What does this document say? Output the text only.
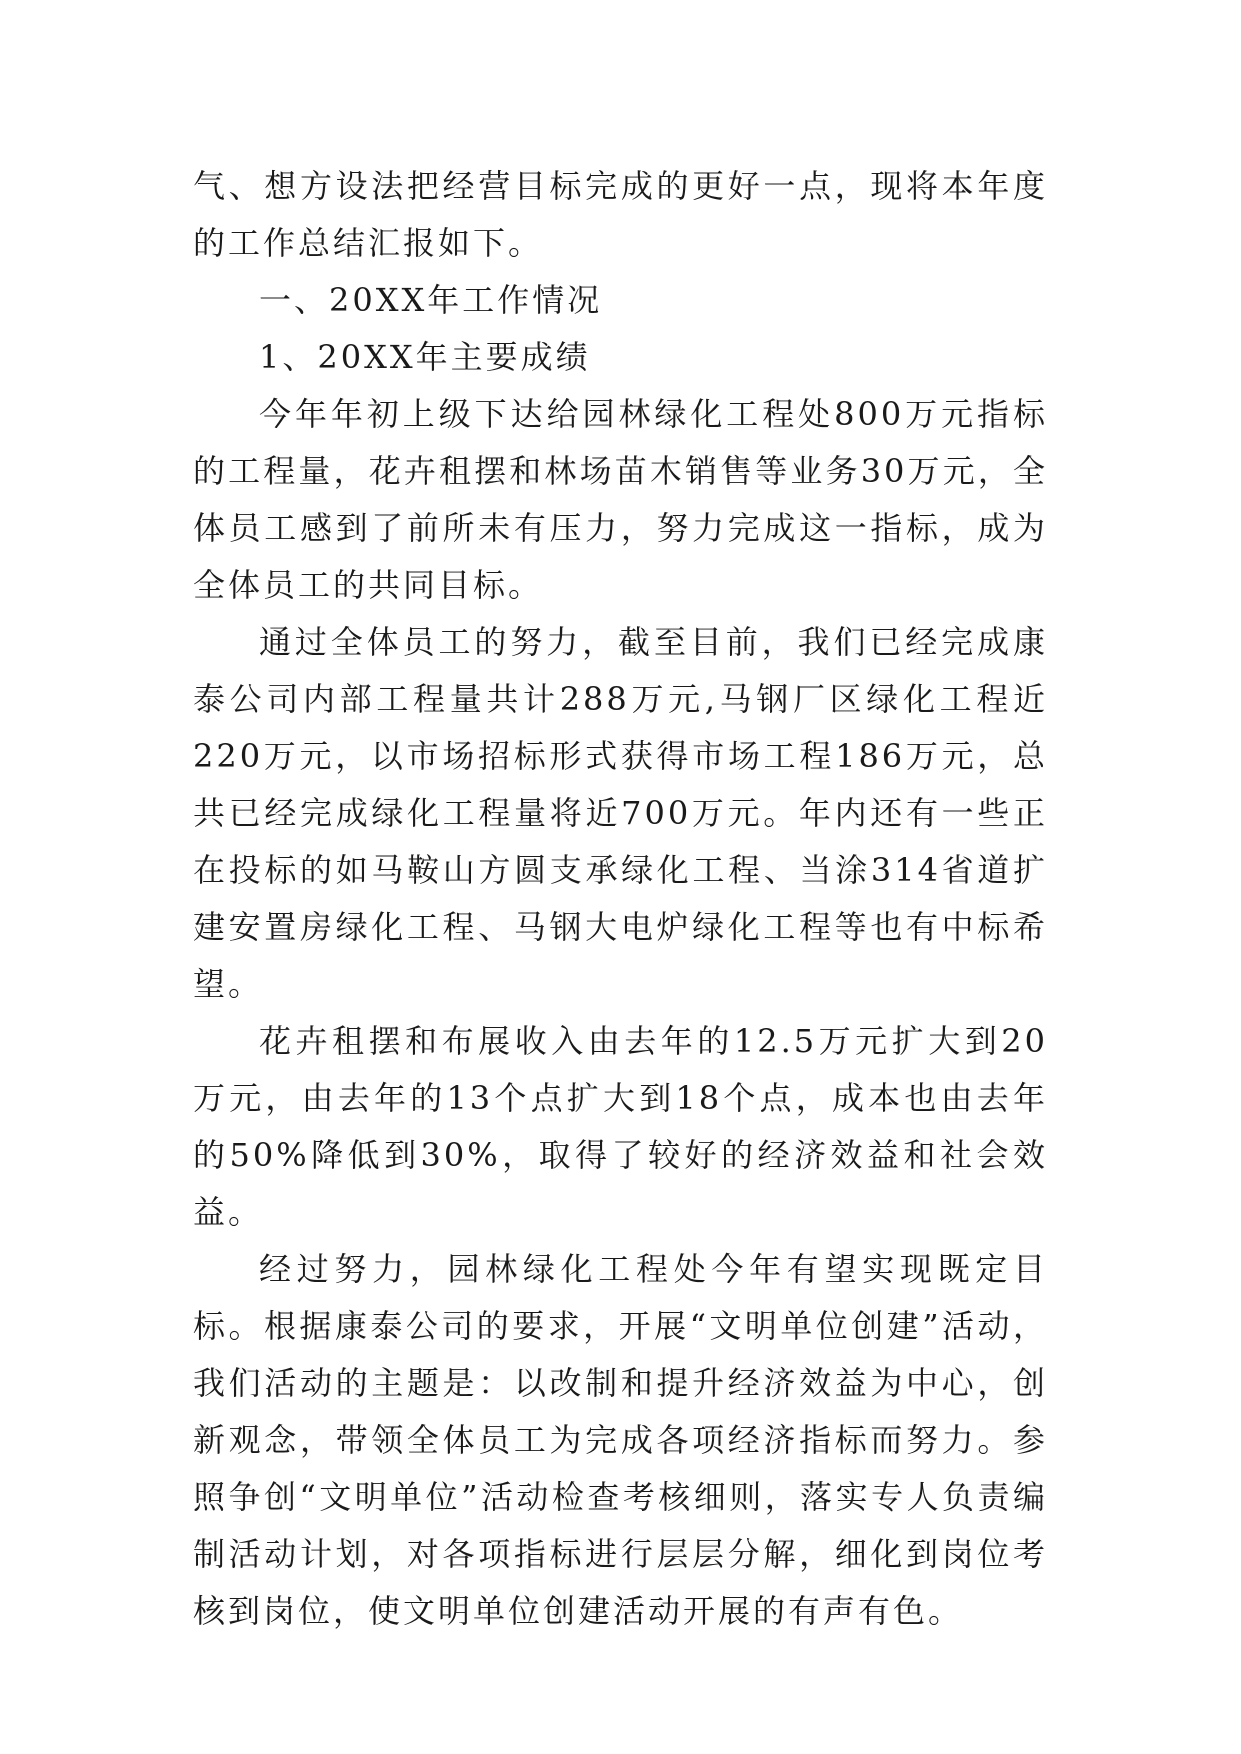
气、想方设法把经营目标完成的更好一点，现将本年度的工作总结汇报如下。

一、20XX年工作情况

1、20XX年主要成绩

今年年初上级下达给园林绿化工程处800万元指标的工程量，花卉租摆和林场苗木销售等业务30万元，全体员工感到了前所未有压力，努力完成这一指标，成为全体员工的共同目标。

通过全体员工的努力，截至目前，我们已经完成康泰公司内部工程量共计288万元,马钢厂区绿化工程近220万元，以市场招标形式获得市场工程186万元，总共已经完成绿化工程量将近700万元。年内还有一些正在投标的如马鞍山方圆支承绿化工程、当涂314省道扩建安置房绿化工程、马钢大电炉绿化工程等也有中标希望。

花卉租摆和布展收入由去年的12.5万元扩大到20万元，由去年的13个点扩大到18个点，成本也由去年的50%降低到30%，取得了较好的经济效益和社会效益。

经过努力，园林绿化工程处今年有望实现既定目标。根据康泰公司的要求，开展“文明单位创建”活动，我们活动的主题是：以改制和提升经济效益为中心，创新观念，带领全体员工为完成各项经济指标而努力。参照争创“文明单位”活动检查考核细则，落实专人负责编制活动计划，对各项指标进行层层分解，细化到岗位考核到岗位，使文明单位创建活动开展的有声有色。
